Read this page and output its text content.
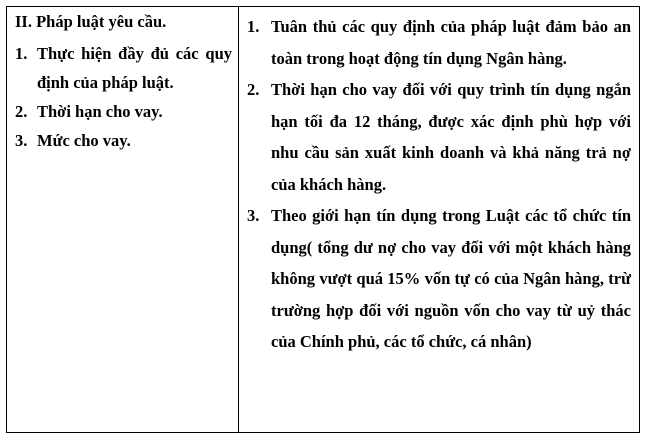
II. Pháp luật yêu cầu.
1. Thực hiện đầy đủ các quy định của pháp luật.
2. Thời hạn cho vay.
3. Mức cho vay.
1. Tuân thủ các quy định của pháp luật đảm bảo an toàn trong hoạt động tín dụng Ngân hàng.
2. Thời hạn cho vay đối với quy trình tín dụng ngắn hạn tối đa 12 tháng, được xác định phù hợp với nhu cầu sản xuất kinh doanh và khả năng trả nợ của khách hàng.
3. Theo giới hạn tín dụng trong Luật các tổ chức tín dụng( tổng dư nợ cho vay đối với một khách hàng không vượt quá 15% vốn tự có của Ngân hàng, trừ trường hợp đối với nguồn vốn cho vay từ uỷ thác của Chính phủ, các tổ chức, cá nhân)
